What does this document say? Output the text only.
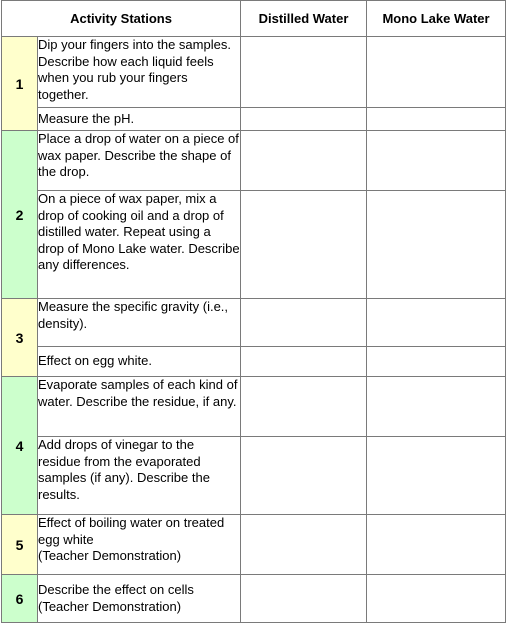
Activity Stations		Distilled Water	Mono Lake Water
1	Dip your fingers into the samples. Describe how each liquid feels when you rub your fingers together.		
	Measure the pH.		
2	Place a drop of water on a piece of wax paper. Describe the shape of the drop.		
	On a piece of wax paper, mix a drop of cooking oil and a drop of distilled water. Repeat using a drop of Mono Lake water. Describe any differences.		
3	Measure the specific gravity (i.e., density).		
	Effect on egg white.		
4	Evaporate samples of each kind of water. Describe the residue, if any.		
	Add drops of vinegar to the residue from the evaporated samples (if any). Describe the results.		
5	Effect of boiling water on treated egg white
(Teacher Demonstration)		
6	Describe the effect on cells
(Teacher Demonstration)		
